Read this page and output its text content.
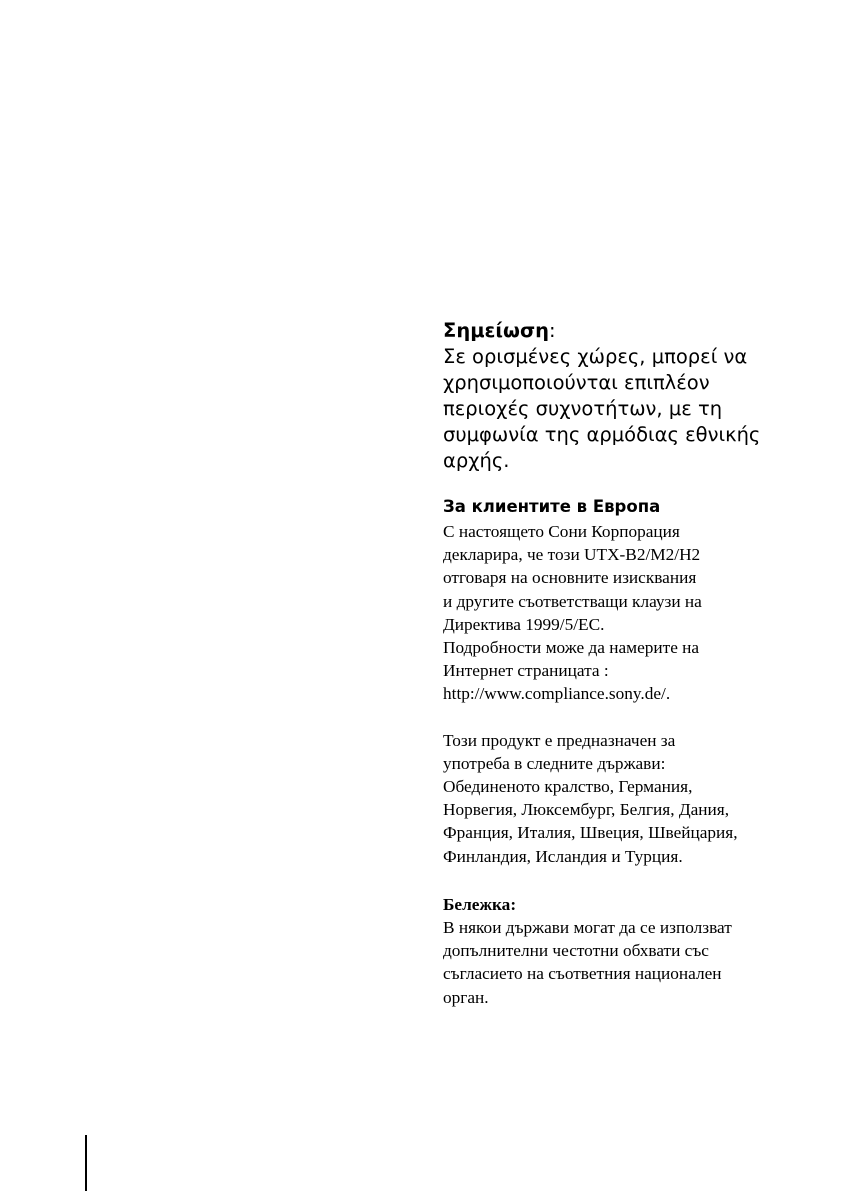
Σημείωση:
Σε ορισμένες χώρες, μπορεί να
χρησιμοποιούνται επιπλέον
περιοχές συχνοτήτων, με τη
συμφωνία της αρμόδιας εθνικής
αρχής.
За клиентите в Европа
С настоящето Сони Корпорация
декларира, че този UTX-B2/M2/H2
отговаря на основните изисквания
и другите съответстващи клаузи на
Директива 1999/5/EC.
Подробности може да намерите на
Интернет страницата :
http://www.compliance.sony.de/.
Този продукт е предназначен за
употреба в следните държави:
Обединеното кралство, Германия,
Норвегия, Люксембург, Белгия, Дания,
Франция, Италия, Швеция, Швейцария,
Финландия, Исландия и Турция.
Бележка:
В някои държави могат да се използват
допълнителни честотни обхвати със
съгласието на съответния национален
орган.
